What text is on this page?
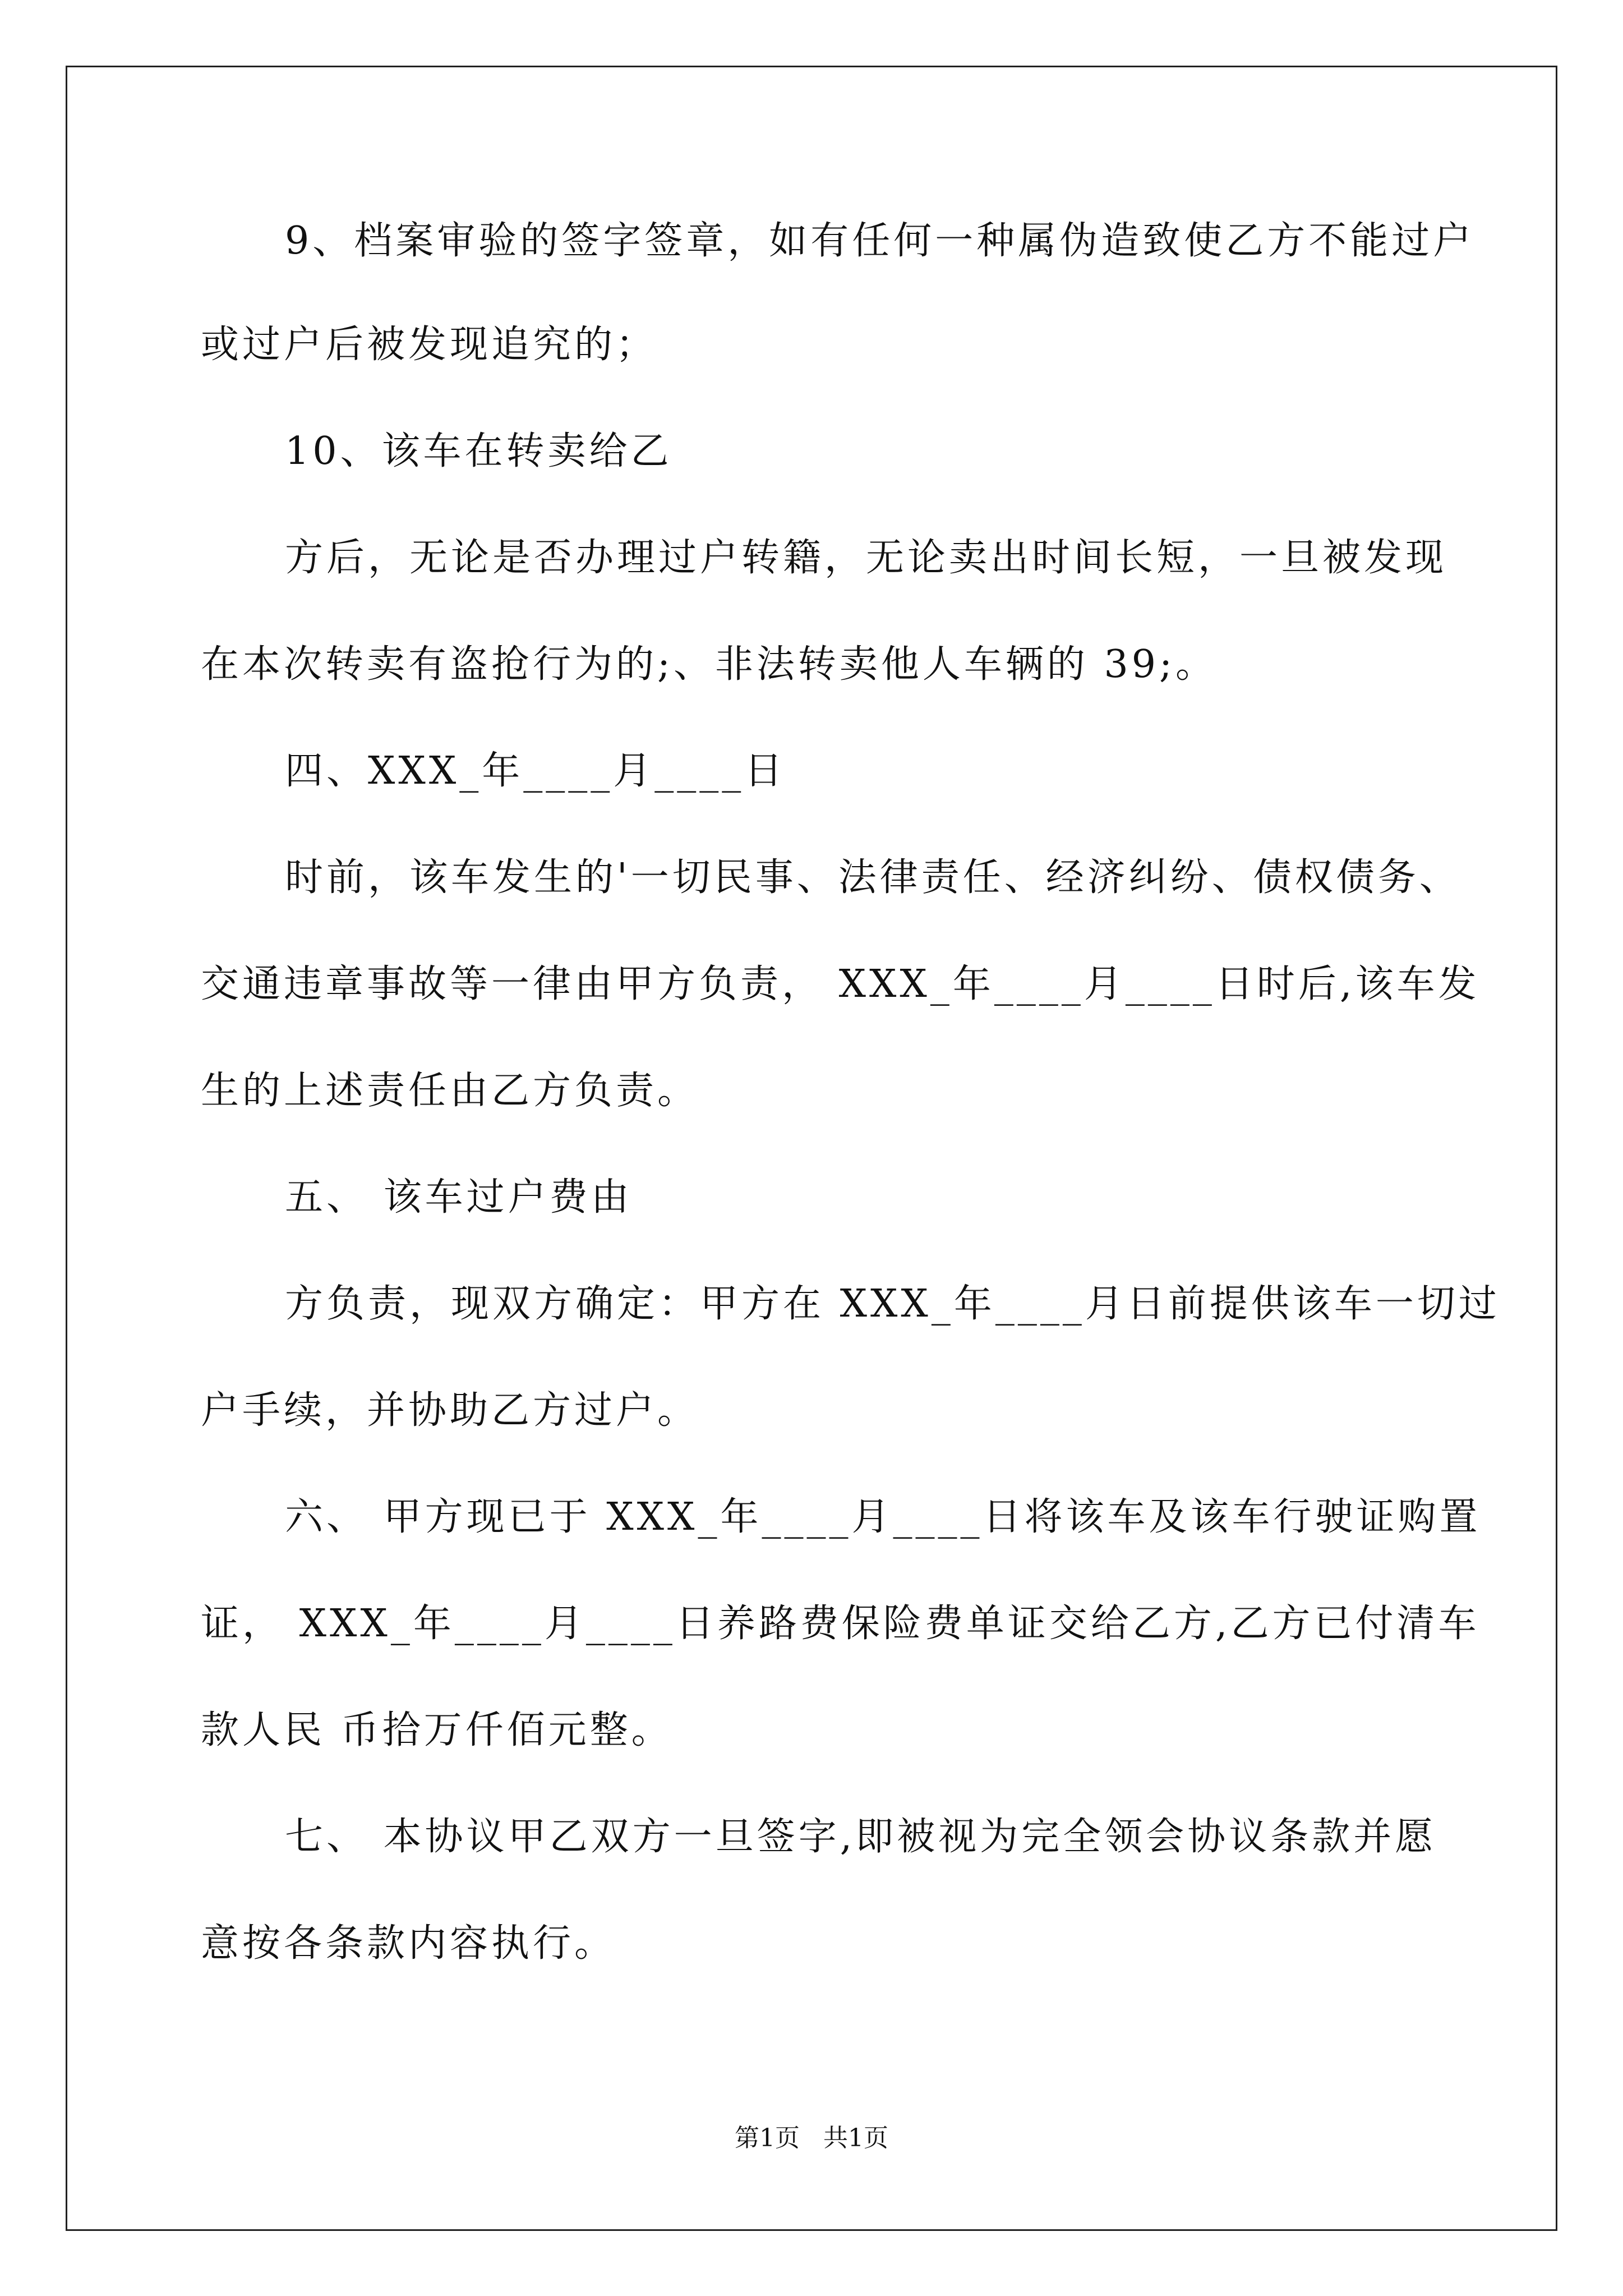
9、档案审验的签字签章，如有任何一种属伪造致使乙方不能过户
或过户后被发现追究的；
10、该车在转卖给乙
方后，无论是否办理过户转籍，无论卖出时间长短，一旦被发现
在本次转卖有盗抢行为的;、非法转卖他人车辆的 39;。
四、XXX_年____月____日
时前，该车发生的'一切民事、法律责任、经济纠纷、债权债务、
交通违章事故等一律由甲方负责， XXX_年____月____日时后,该车发
生的上述责任由乙方负责。
五、 该车过户费由
方负责，现双方确定：甲方在 XXX_年____月日前提供该车一切过
户手续，并协助乙方过户。
六、 甲方现已于 XXX_年____月____日将该车及该车行驶证购置
证， XXX_年____月____日养路费保险费单证交给乙方,乙方已付清车
款人民 币拾万仟佰元整。
七、 本协议甲乙双方一旦签字,即被视为完全领会协议条款并愿
意按各条款内容执行。
第1页   共1页
